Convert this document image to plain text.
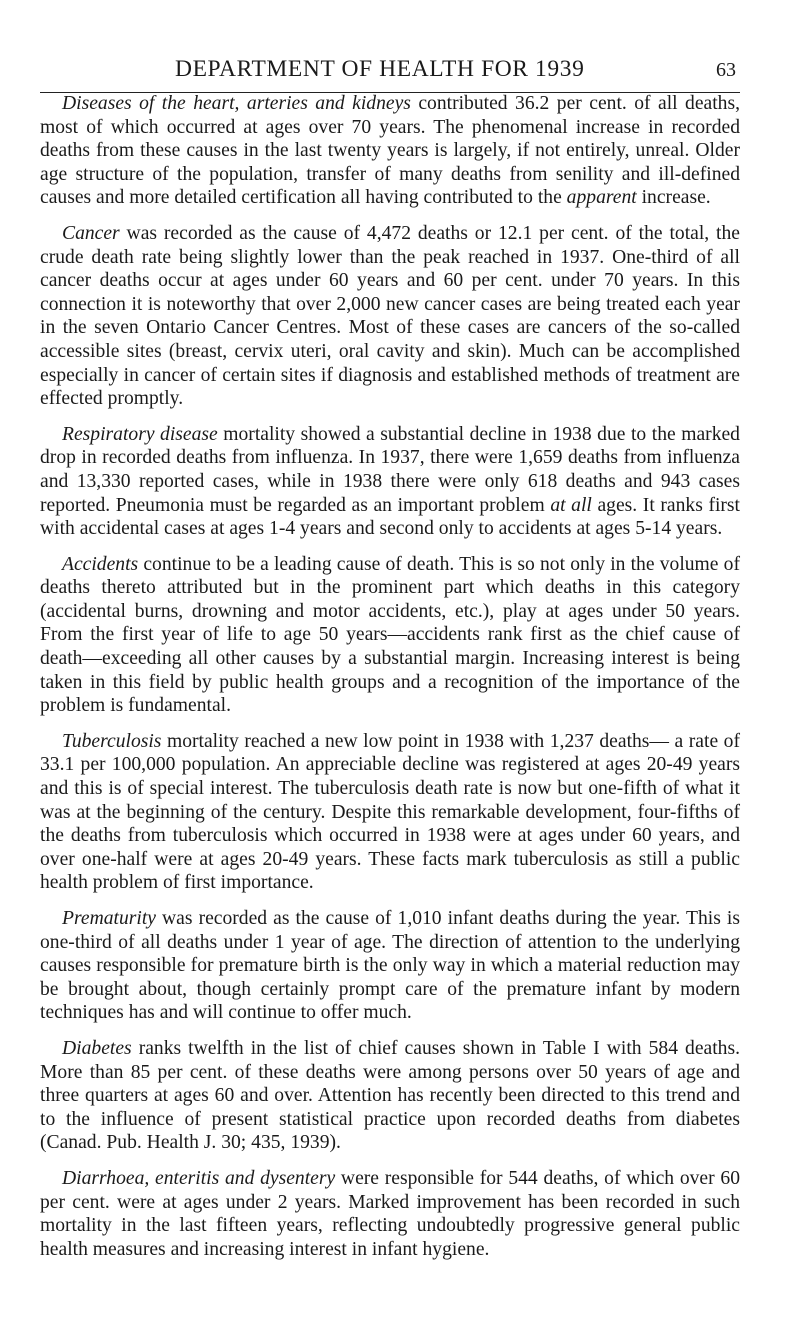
DEPARTMENT OF HEALTH FOR 1939	63

Diseases of the heart, arteries and kidneys contributed 36.2 per cent. of all deaths, most of which occurred at ages over 70 years. The phenomenal increase in recorded deaths from these causes in the last twenty years is largely, if not entirely, unreal. Older age structure of the population, transfer of many deaths from senility and ill-defined causes and more detailed certification all having contributed to the apparent increase.

Cancer was recorded as the cause of 4,472 deaths or 12.1 per cent. of the total, the crude death rate being slightly lower than the peak reached in 1937. One-third of all cancer deaths occur at ages under 60 years and 60 per cent. under 70 years. In this connection it is noteworthy that over 2,000 new cancer cases are being treated each year in the seven Ontario Cancer Centres. Most of these cases are cancers of the so-called accessible sites (breast, cervix uteri, oral cavity and skin). Much can be accomplished especially in cancer of certain sites if diagnosis and established methods of treatment are effected promptly.

Respiratory disease mortality showed a substantial decline in 1938 due to the marked drop in recorded deaths from influenza. In 1937, there were 1,659 deaths from influenza and 13,330 reported cases, while in 1938 there were only 618 deaths and 943 cases reported. Pneumonia must be regarded as an important problem at all ages. It ranks first with accidental cases at ages 1-4 years and second only to accidents at ages 5-14 years.

Accidents continue to be a leading cause of death. This is so not only in the volume of deaths thereto attributed but in the prominent part which deaths in this category (accidental burns, drowning and motor accidents, etc.), play at ages under 50 years. From the first year of life to age 50 years—accidents rank first as the chief cause of death—exceeding all other causes by a substantial margin. Increasing interest is being taken in this field by public health groups and a recognition of the importance of the problem is fundamental.

Tuberculosis mortality reached a new low point in 1938 with 1,237 deaths— a rate of 33.1 per 100,000 population. An appreciable decline was registered at ages 20-49 years and this is of special interest. The tuberculosis death rate is now but one-fifth of what it was at the beginning of the century. Despite this remarkable development, four-fifths of the deaths from tuberculosis which occurred in 1938 were at ages under 60 years, and over one-half were at ages 20-49 years. These facts mark tuberculosis as still a public health problem of first importance.

Prematurity was recorded as the cause of 1,010 infant deaths during the year. This is one-third of all deaths under 1 year of age. The direction of attention to the underlying causes responsible for premature birth is the only way in which a material reduction may be brought about, though certainly prompt care of the premature infant by modern techniques has and will continue to offer much.

Diabetes ranks twelfth in the list of chief causes shown in Table I with 584 deaths. More than 85 per cent. of these deaths were among persons over 50 years of age and three quarters at ages 60 and over. Attention has recently been directed to this trend and to the influence of present statistical practice upon recorded deaths from diabetes (Canad. Pub. Health J. 30; 435, 1939).

Diarrhoea, enteritis and dysentery were responsible for 544 deaths, of which over 60 per cent. were at ages under 2 years. Marked improvement has been recorded in such mortality in the last fifteen years, reflecting undoubtedly progressive general public health measures and increasing interest in infant hygiene.
